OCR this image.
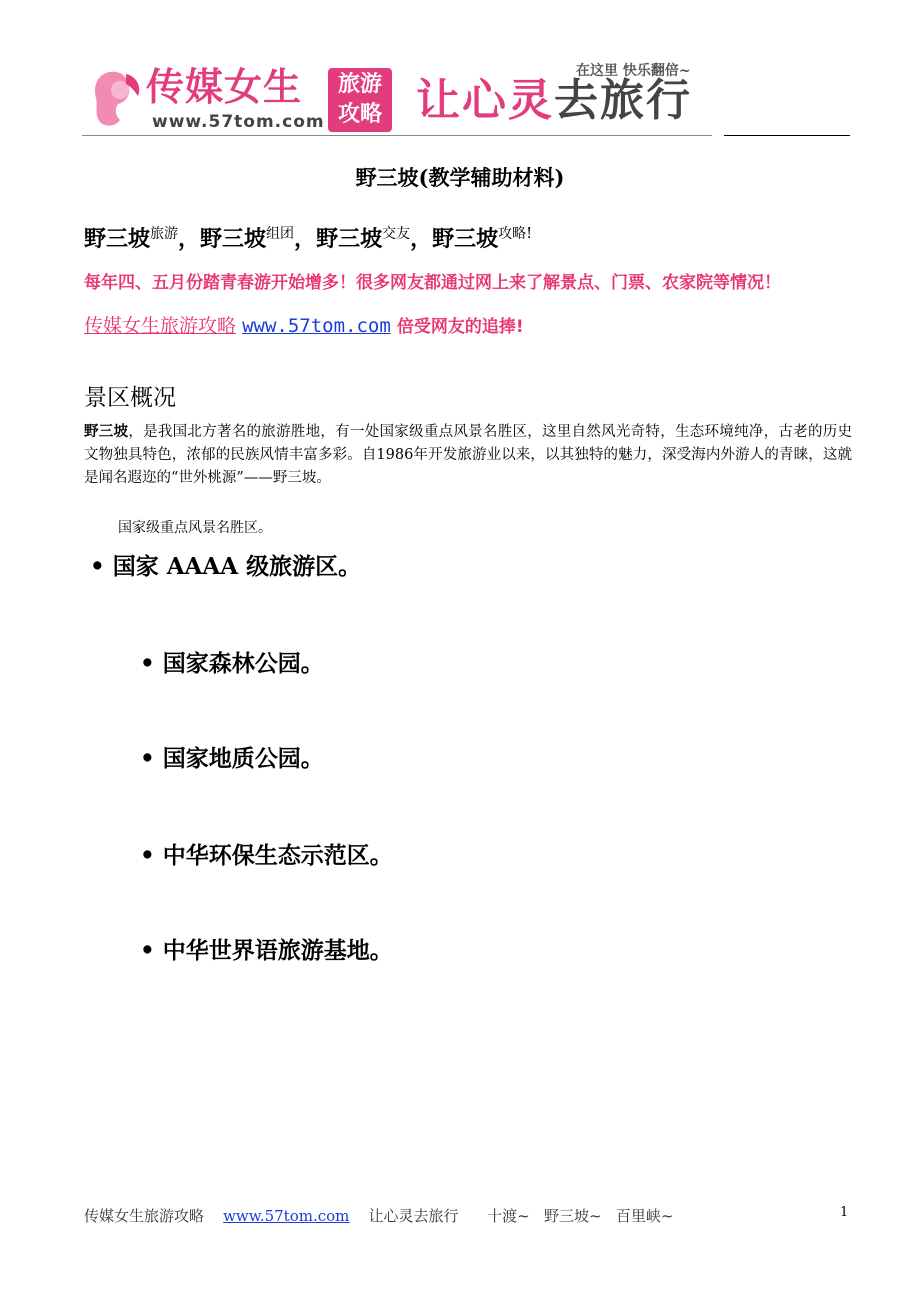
传媒女生
www.57tom.com
旅游
攻略
在这里 快乐翻倍~
让心灵去旅行
野三坡(教学辅助材料)
野三坡$^{旅游}$，野三坡$^{组团}$，野三坡$^{交友}$，野三坡$^{攻略!}$
每年四、五月份踏青春游开始增多！很多网友都通过网上来了解景点、门票、农家院等情况！
传媒女生旅游攻略 www.57tom.com 倍受网友的追捧!
景区概况
野三坡，是我国北方著名的旅游胜地，有一处国家级重点风景名胜区，这里自然风光奇特，生态环境纯净，古老的历史文物独具特色，浓郁的民族风情丰富多彩。自1986年开发旅游业以来，以其独特的魅力，深受海内外游人的青睐，这就是闻名遐迩的“世外桃源”——野三坡。
国家级重点风景名胜区。
• 国家 AAAA 级旅游区。
• 国家森林公园。
• 国家地质公园。
• 中华环保生态示范区。
• 中华世界语旅游基地。
传媒女生旅游攻略 www.57tom.com 让心灵去旅行 十渡~   野三坡~   百里峡~	1
